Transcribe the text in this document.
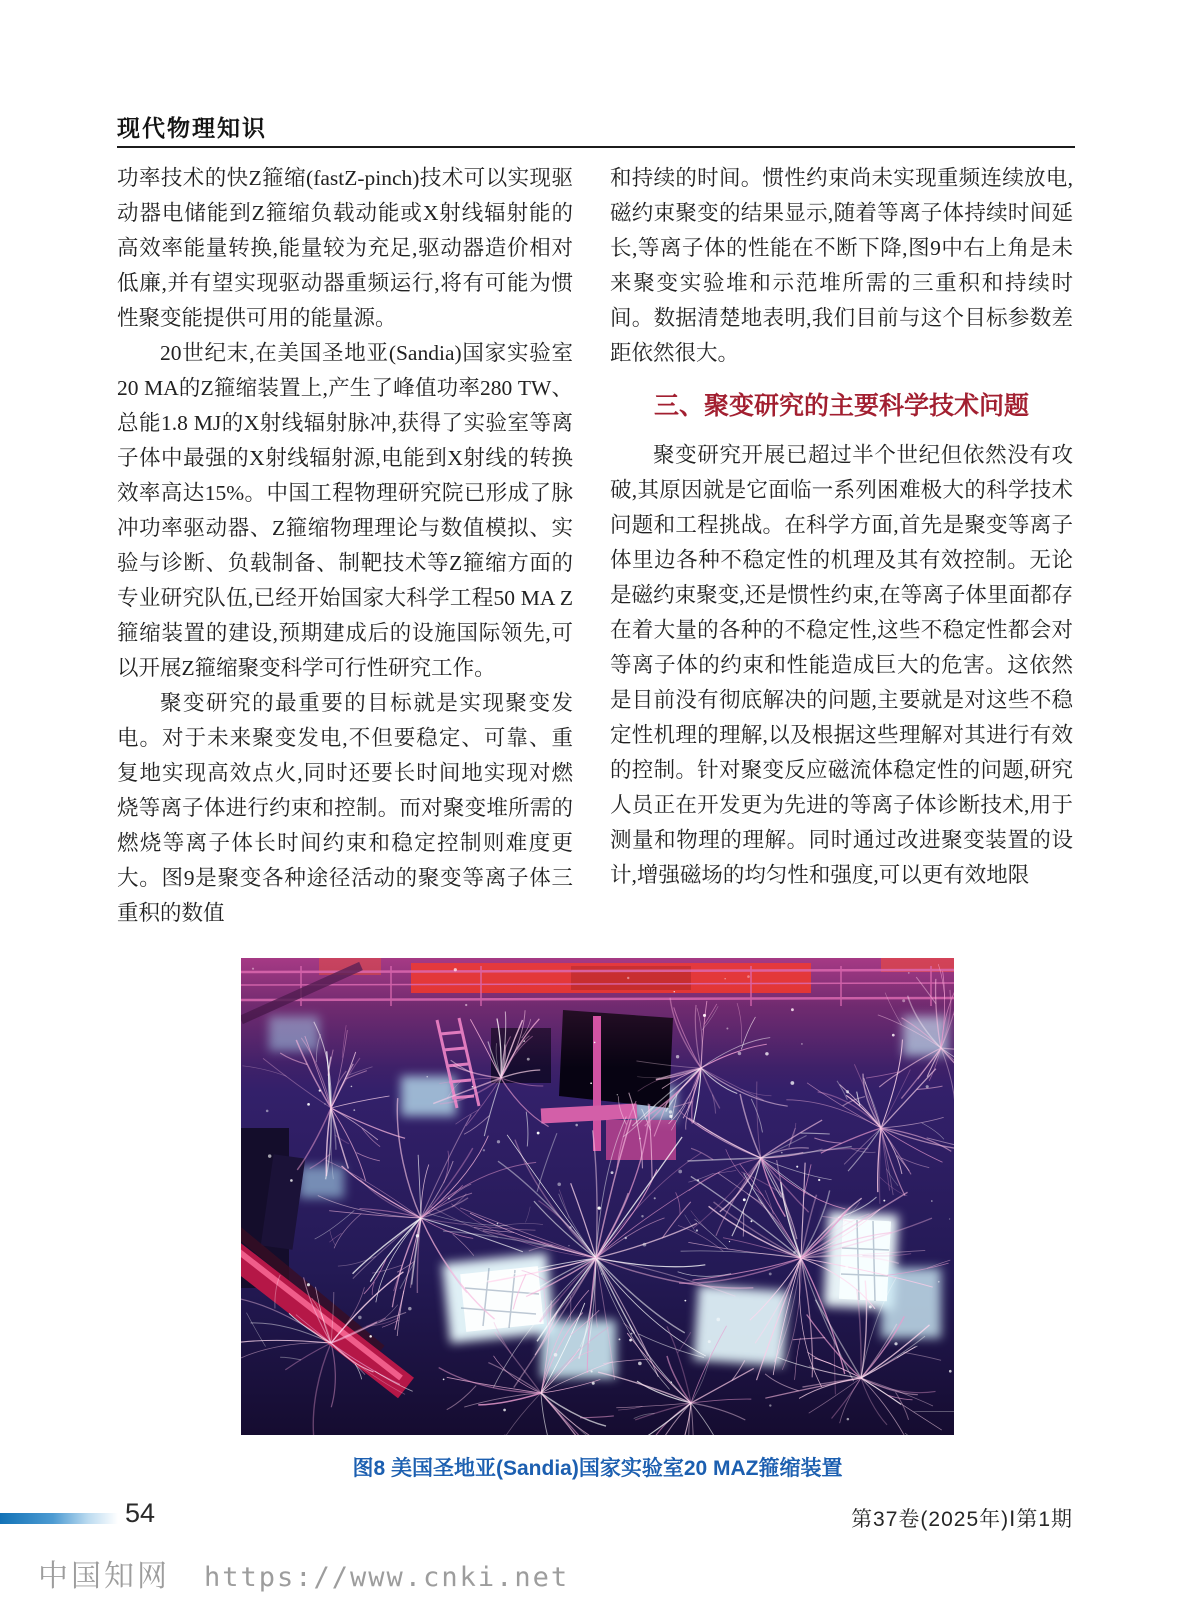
现代物理知识

功率技术的快Z箍缩(fastZ-pinch)技术可以实现驱动器电储能到Z箍缩负载动能或X射线辐射能的高效率能量转换,能量较为充足,驱动器造价相对低廉,并有望实现驱动器重频运行,将有可能为惯性聚变能提供可用的能量源。

20世纪末,在美国圣地亚(Sandia)国家实验室20 MA的Z箍缩装置上,产生了峰值功率280 TW、总能1.8 MJ的X射线辐射脉冲,获得了实验室等离子体中最强的X射线辐射源,电能到X射线的转换效率高达15%。中国工程物理研究院已形成了脉冲功率驱动器、Z箍缩物理理论与数值模拟、实验与诊断、负载制备、制靶技术等Z箍缩方面的专业研究队伍,已经开始国家大科学工程50 MA Z箍缩装置的建设,预期建成后的设施国际领先,可以开展Z箍缩聚变科学可行性研究工作。

聚变研究的最重要的目标就是实现聚变发电。对于未来聚变发电,不但要稳定、可靠、重复地实现高效点火,同时还要长时间地实现对燃烧等离子体进行约束和控制。而对聚变堆所需的燃烧等离子体长时间约束和稳定控制则难度更大。图9是聚变各种途径活动的聚变等离子体三重积的数值

和持续的时间。惯性约束尚未实现重频连续放电,磁约束聚变的结果显示,随着等离子体持续时间延长,等离子体的性能在不断下降,图9中右上角是未来聚变实验堆和示范堆所需的三重积和持续时间。数据清楚地表明,我们目前与这个目标参数差距依然很大。

三、聚变研究的主要科学技术问题

聚变研究开展已超过半个世纪但依然没有攻破,其原因就是它面临一系列困难极大的科学技术问题和工程挑战。在科学方面,首先是聚变等离子体里边各种不稳定性的机理及其有效控制。无论是磁约束聚变,还是惯性约束,在等离子体里面都存在着大量的各种的不稳定性,这些不稳定性都会对等离子体的约束和性能造成巨大的危害。这依然是目前没有彻底解决的问题,主要就是对这些不稳定性机理的理解,以及根据这些理解对其进行有效的控制。针对聚变反应磁流体稳定性的问题,研究人员正在开发更为先进的等离子体诊断技术,用于测量和物理的理解。同时通过改进聚变装置的设计,增强磁场的均匀性和强度,可以更有效地限

图8 美国圣地亚(Sandia)国家实验室20 MAZ箍缩装置
54	第37卷(2025年)Ⅰ第1期
中国知网 https://www.cnki.net
